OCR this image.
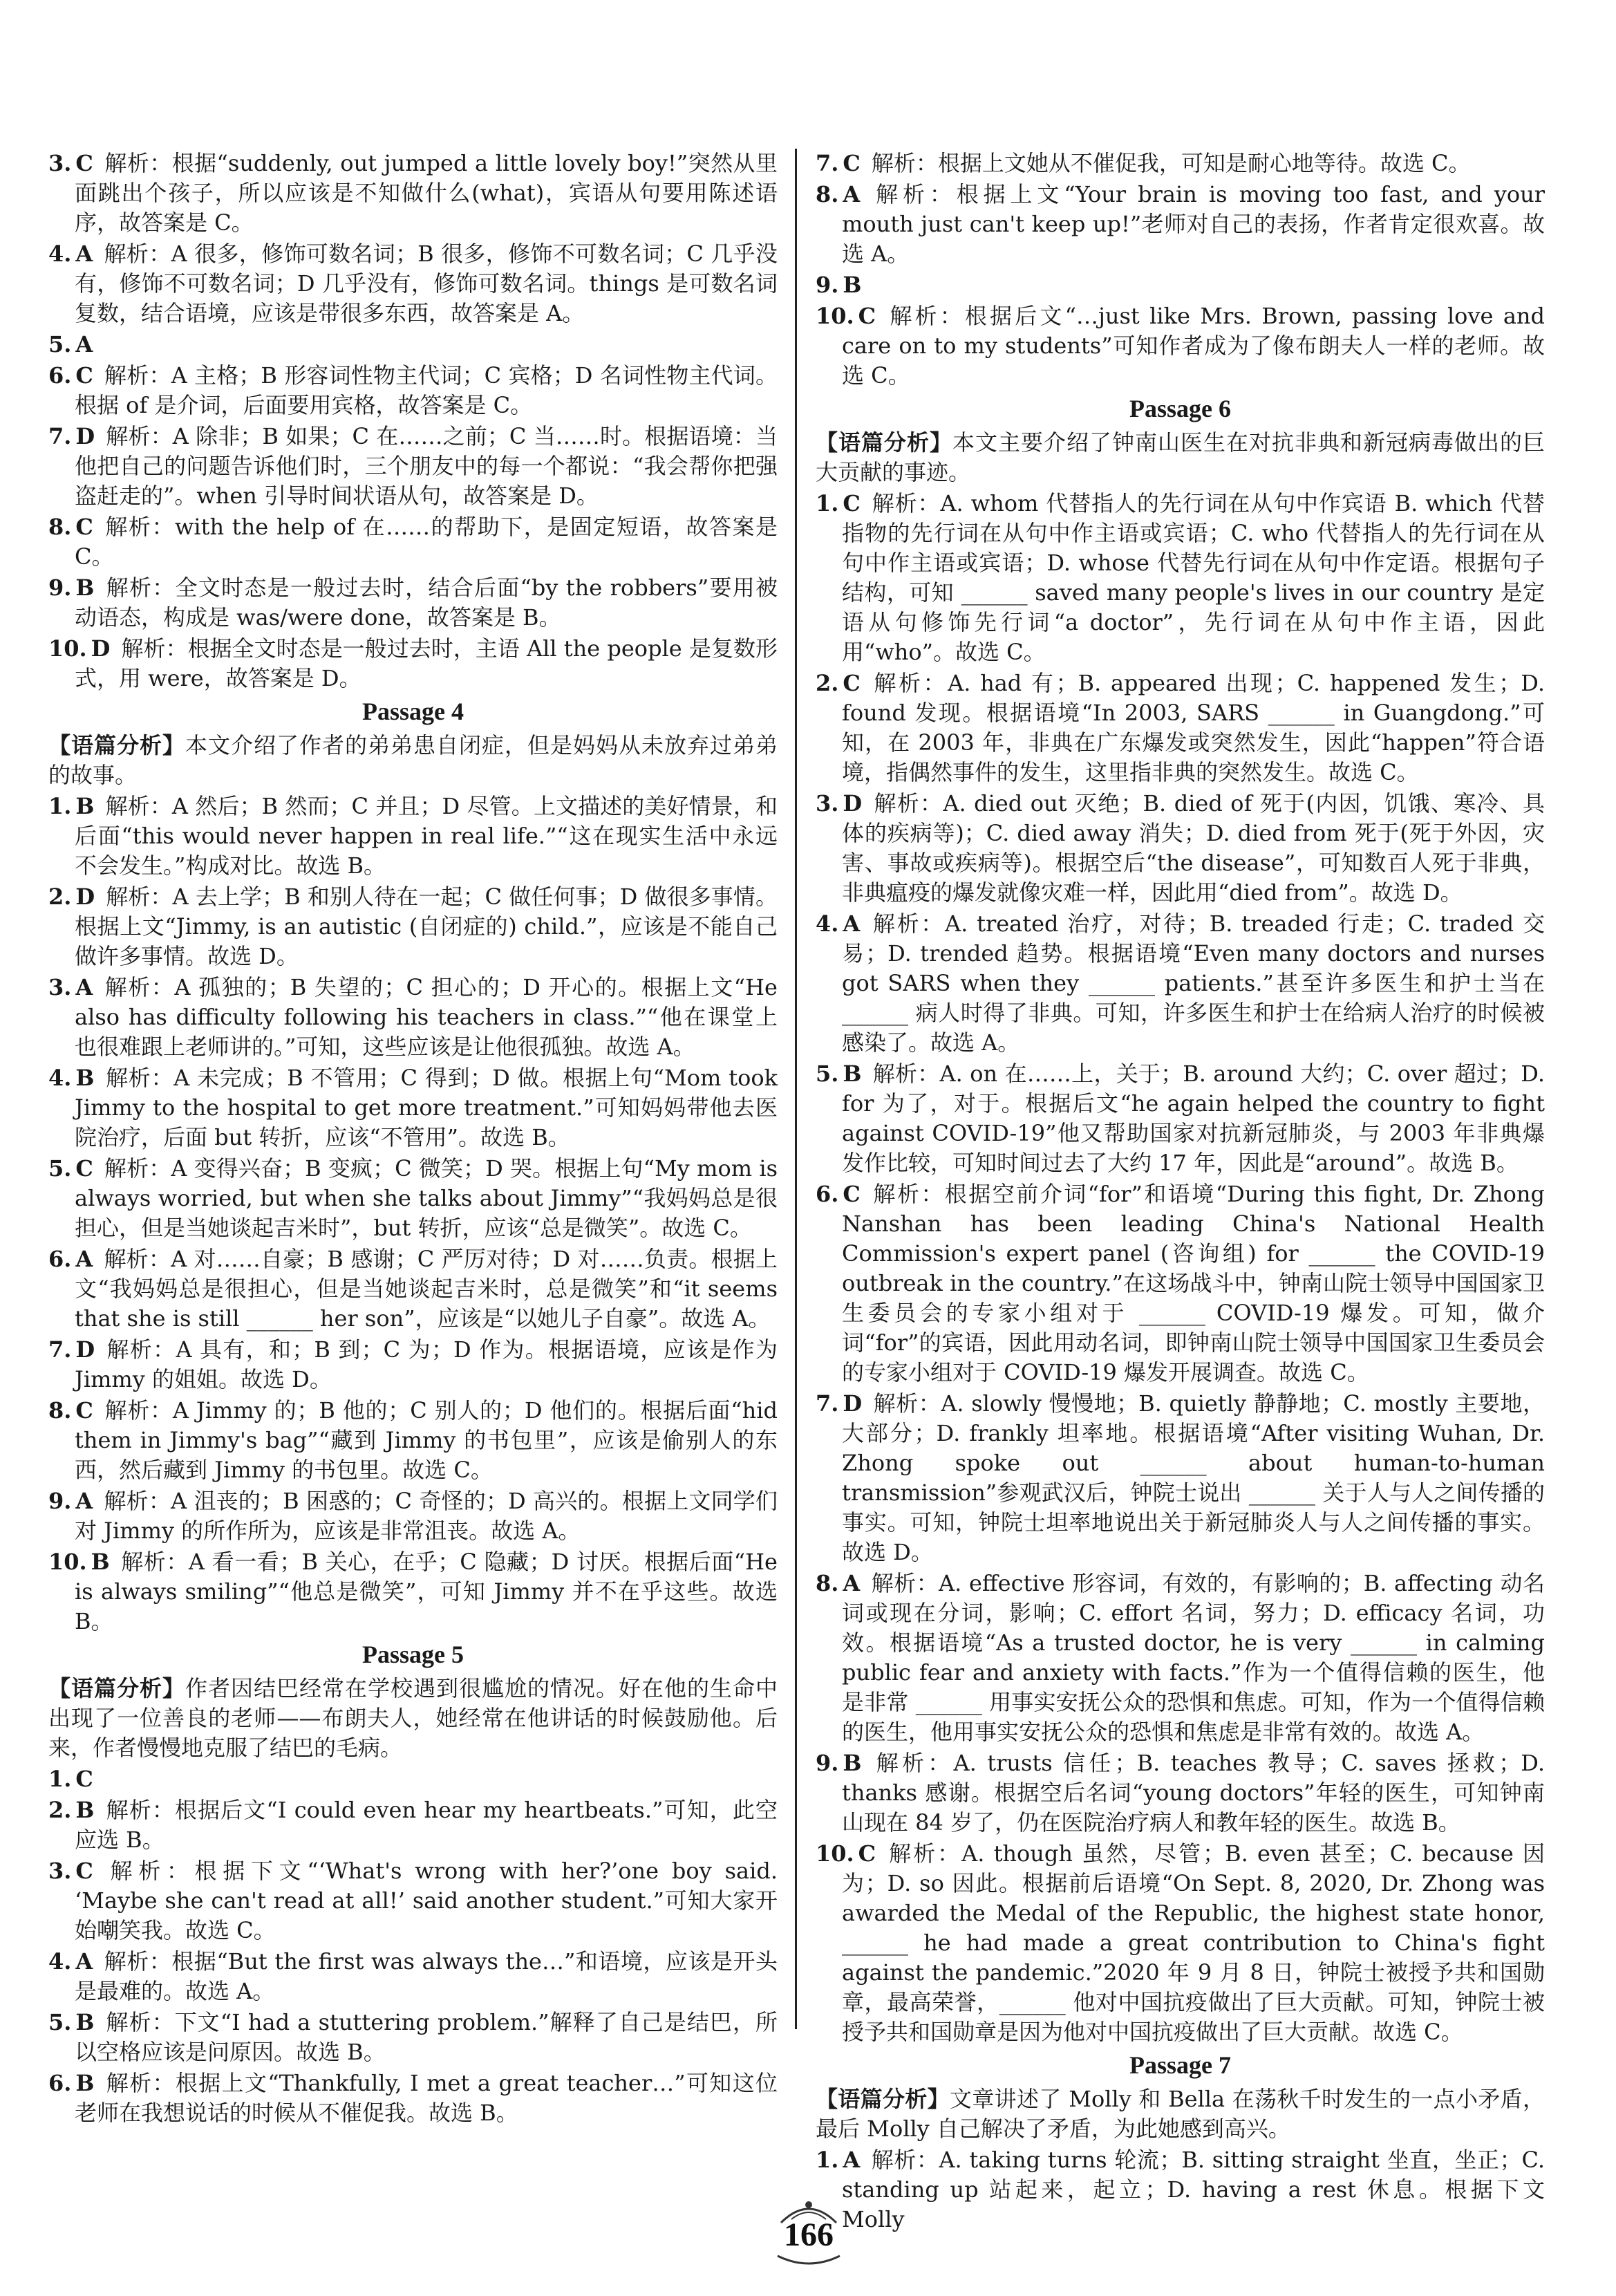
3. C 解析：根据“suddenly, out jumped a little lovely boy!”突然从里面跳出个孩子，所以应该是不知做什么(what)，宾语从句要用陈述语序，故答案是 C。
4. A 解析：A 很多，修饰可数名词；B 很多，修饰不可数名词；C 几乎没有，修饰不可数名词；D 几乎没有，修饰可数名词。things 是可数名词复数，结合语境，应该是带很多东西，故答案是 A。
5. A
6. C 解析：A 主格；B 形容词性物主代词；C 宾格；D 名词性物主代词。根据 of 是介词，后面要用宾格，故答案是 C。
7. D 解析：A 除非；B 如果；C 在……之前；C 当……时。根据语境：当他把自己的问题告诉他们时，三个朋友中的每一个都说：“我会帮你把强盗赶走的”。when 引导时间状语从句，故答案是 D。
8. C 解析：with the help of 在……的帮助下，是固定短语，故答案是 C。
9. B 解析：全文时态是一般过去时，结合后面“by the robbers”要用被动语态，构成是 was/were done，故答案是 B。
10. D 解析：根据全文时态是一般过去时，主语 All the people 是复数形式，用 were，故答案是 D。
Passage 4
【语篇分析】本文介绍了作者的弟弟患自闭症，但是妈妈从未放弃过弟弟的故事。
1. B 解析：A 然后；B 然而；C 并且；D 尽管。上文描述的美好情景，和后面“this would never happen in real life.”“这在现实生活中永远不会发生。”构成对比。故选 B。
2. D 解析：A 去上学；B 和别人待在一起；C 做任何事；D 做很多事情。根据上文“Jimmy, is an autistic (自闭症的) child.”，应该是不能自己做许多事情。故选 D。
3. A 解析：A 孤独的；B 失望的；C 担心的；D 开心的。根据上文“He also has difficulty following his teachers in class.”“他在课堂上也很难跟上老师讲的。”可知，这些应该是让他很孤独。故选 A。
4. B 解析：A 未完成；B 不管用；C 得到；D 做。根据上句“Mom took Jimmy to the hospital to get more treatment.”可知妈妈带他去医院治疗，后面 but 转折，应该“不管用”。故选 B。
5. C 解析：A 变得兴奋；B 变疯；C 微笑；D 哭。根据上句“My mom is always worried, but when she talks about Jimmy”“我妈妈总是很担心，但是当她谈起吉米时”，but 转折，应该“总是微笑”。故选 C。
6. A 解析：A 对……自豪；B 感谢；C 严厉对待；D 对……负责。根据上文“我妈妈总是很担心，但是当她谈起吉米时，总是微笑”和“it seems that she is still ______ her son”，应该是“以她儿子自豪”。故选 A。
7. D 解析：A 具有，和；B 到；C 为；D 作为。根据语境，应该是作为 Jimmy 的姐姐。故选 D。
8. C 解析：A Jimmy 的；B 他的；C 别人的；D 他们的。根据后面“hid them in Jimmy's bag”“藏到 Jimmy 的书包里”，应该是偷别人的东西，然后藏到 Jimmy 的书包里。故选 C。
9. A 解析：A 沮丧的；B 困惑的；C 奇怪的；D 高兴的。根据上文同学们对 Jimmy 的所作所为，应该是非常沮丧。故选 A。
10. B 解析：A 看一看；B 关心，在乎；C 隐藏；D 讨厌。根据后面“He is always smiling”“他总是微笑”，可知 Jimmy 并不在乎这些。故选 B。
Passage 5
【语篇分析】作者因结巴经常在学校遇到很尴尬的情况。好在他的生命中出现了一位善良的老师——布朗夫人，她经常在他讲话的时候鼓励他。后来，作者慢慢地克服了结巴的毛病。
1. C
2. B 解析：根据后文“I could even hear my heartbeats.”可知，此空应选 B。
3. C 解析：根据下文“‘What's wrong with her?’one boy said. ‘Maybe she can't read at all!’ said another student.”可知大家开始嘲笑我。故选 C。
4. A 解析：根据“But the first was always the…”和语境，应该是开头是最难的。故选 A。
5. B 解析：下文“I had a stuttering problem.”解释了自己是结巴，所以空格应该是问原因。故选 B。
6. B 解析：根据上文“Thankfully, I met a great teacher…”可知这位老师在我想说话的时候从不催促我。故选 B。
7. C 解析：根据上文她从不催促我，可知是耐心地等待。故选 C。
8. A 解析：根据上文“Your brain is moving too fast, and your mouth just can't keep up!”老师对自己的表扬，作者肯定很欢喜。故选 A。
9. B
10. C 解析：根据后文“…just like Mrs. Brown, passing love and care on to my students”可知作者成为了像布朗夫人一样的老师。故选 C。
Passage 6
【语篇分析】本文主要介绍了钟南山医生在对抗非典和新冠病毒做出的巨大贡献的事迹。
1. C 解析：A. whom 代替指人的先行词在从句中作宾语 B. which 代替指物的先行词在从句中作主语或宾语；C. who 代替指人的先行词在从句中作主语或宾语；D. whose 代替先行词在从句中作定语。根据句子结构，可知 ______ saved many people's lives in our country 是定语从句修饰先行词“a doctor”，先行词在从句中作主语，因此用“who”。故选 C。
2. C 解析：A. had 有；B. appeared 出现；C. happened 发生；D. found 发现。根据语境“In 2003, SARS ______ in Guangdong.”可知，在 2003 年，非典在广东爆发或突然发生，因此“happen”符合语境，指偶然事件的发生，这里指非典的突然发生。故选 C。
3. D 解析：A. died out 灭绝；B. died of 死于(内因，饥饿、寒冷、具体的疾病等)；C. died away 消失；D. died from 死于(死于外因，灾害、事故或疾病等)。根据空后“the disease”，可知数百人死于非典，非典瘟疫的爆发就像灾难一样，因此用“died from”。故选 D。
4. A 解析：A. treated 治疗，对待；B. treaded 行走；C. traded 交易；D. trended 趋势。根据语境“Even many doctors and nurses got SARS when they ______ patients.”甚至许多医生和护士当在 ______ 病人时得了非典。可知，许多医生和护士在给病人治疗的时候被感染了。故选 A。
5. B 解析：A. on 在……上，关于；B. around 大约；C. over 超过；D. for 为了，对于。根据后文“he again helped the country to fight against COVID-19”他又帮助国家对抗新冠肺炎，与 2003 年非典爆发作比较，可知时间过去了大约 17 年，因此是“around”。故选 B。
6. C 解析：根据空前介词“for”和语境“During this fight, Dr. Zhong Nanshan has been leading China's National Health Commission's expert panel (咨询组) for ______ the COVID-19 outbreak in the country.”在这场战斗中，钟南山院士领导中国国家卫生委员会的专家小组对于 ______ COVID-19 爆发。可知，做介词“for”的宾语，因此用动名词，即钟南山院士领导中国国家卫生委员会的专家小组对于 COVID-19 爆发开展调查。故选 C。
7. D 解析：A. slowly 慢慢地；B. quietly 静静地；C. mostly 主要地，大部分；D. frankly 坦率地。根据语境“After visiting Wuhan, Dr. Zhong spoke out ______ about human-to-human transmission”参观武汉后，钟院士说出 ______ 关于人与人之间传播的事实。可知，钟院士坦率地说出关于新冠肺炎人与人之间传播的事实。故选 D。
8. A 解析：A. effective 形容词，有效的，有影响的；B. affecting 动名词或现在分词，影响；C. effort 名词，努力；D. efficacy 名词，功效。根据语境“As a trusted doctor, he is very ______ in calming public fear and anxiety with facts.”作为一个值得信赖的医生，他是非常 ______ 用事实安抚公众的恐惧和焦虑。可知，作为一个值得信赖的医生，他用事实安抚公众的恐惧和焦虑是非常有效的。故选 A。
9. B 解析：A. trusts 信任；B. teaches 教导；C. saves 拯救；D. thanks 感谢。根据空后名词“young doctors”年轻的医生，可知钟南山现在 84 岁了，仍在医院治疗病人和教年轻的医生。故选 B。
10. C 解析：A. though 虽然，尽管；B. even 甚至；C. because 因为；D. so 因此。根据前后语境“On Sept. 8, 2020, Dr. Zhong was awarded the Medal of the Republic, the highest state honor, ______ he had made a great contribution to China's fight against the pandemic.”2020 年 9 月 8 日，钟院士被授予共和国勋章，最高荣誉，______ 他对中国抗疫做出了巨大贡献。可知，钟院士被授予共和国勋章是因为他对中国抗疫做出了巨大贡献。故选 C。
Passage 7
【语篇分析】文章讲述了 Molly 和 Bella 在荡秋千时发生的一点小矛盾，最后 Molly 自己解决了矛盾，为此她感到高兴。
1. A 解析：A. taking turns 轮流；B. sitting straight 坐直，坐正；C. standing up 站起来，起立；D. having a rest 休息。根据下文 Molly
166
